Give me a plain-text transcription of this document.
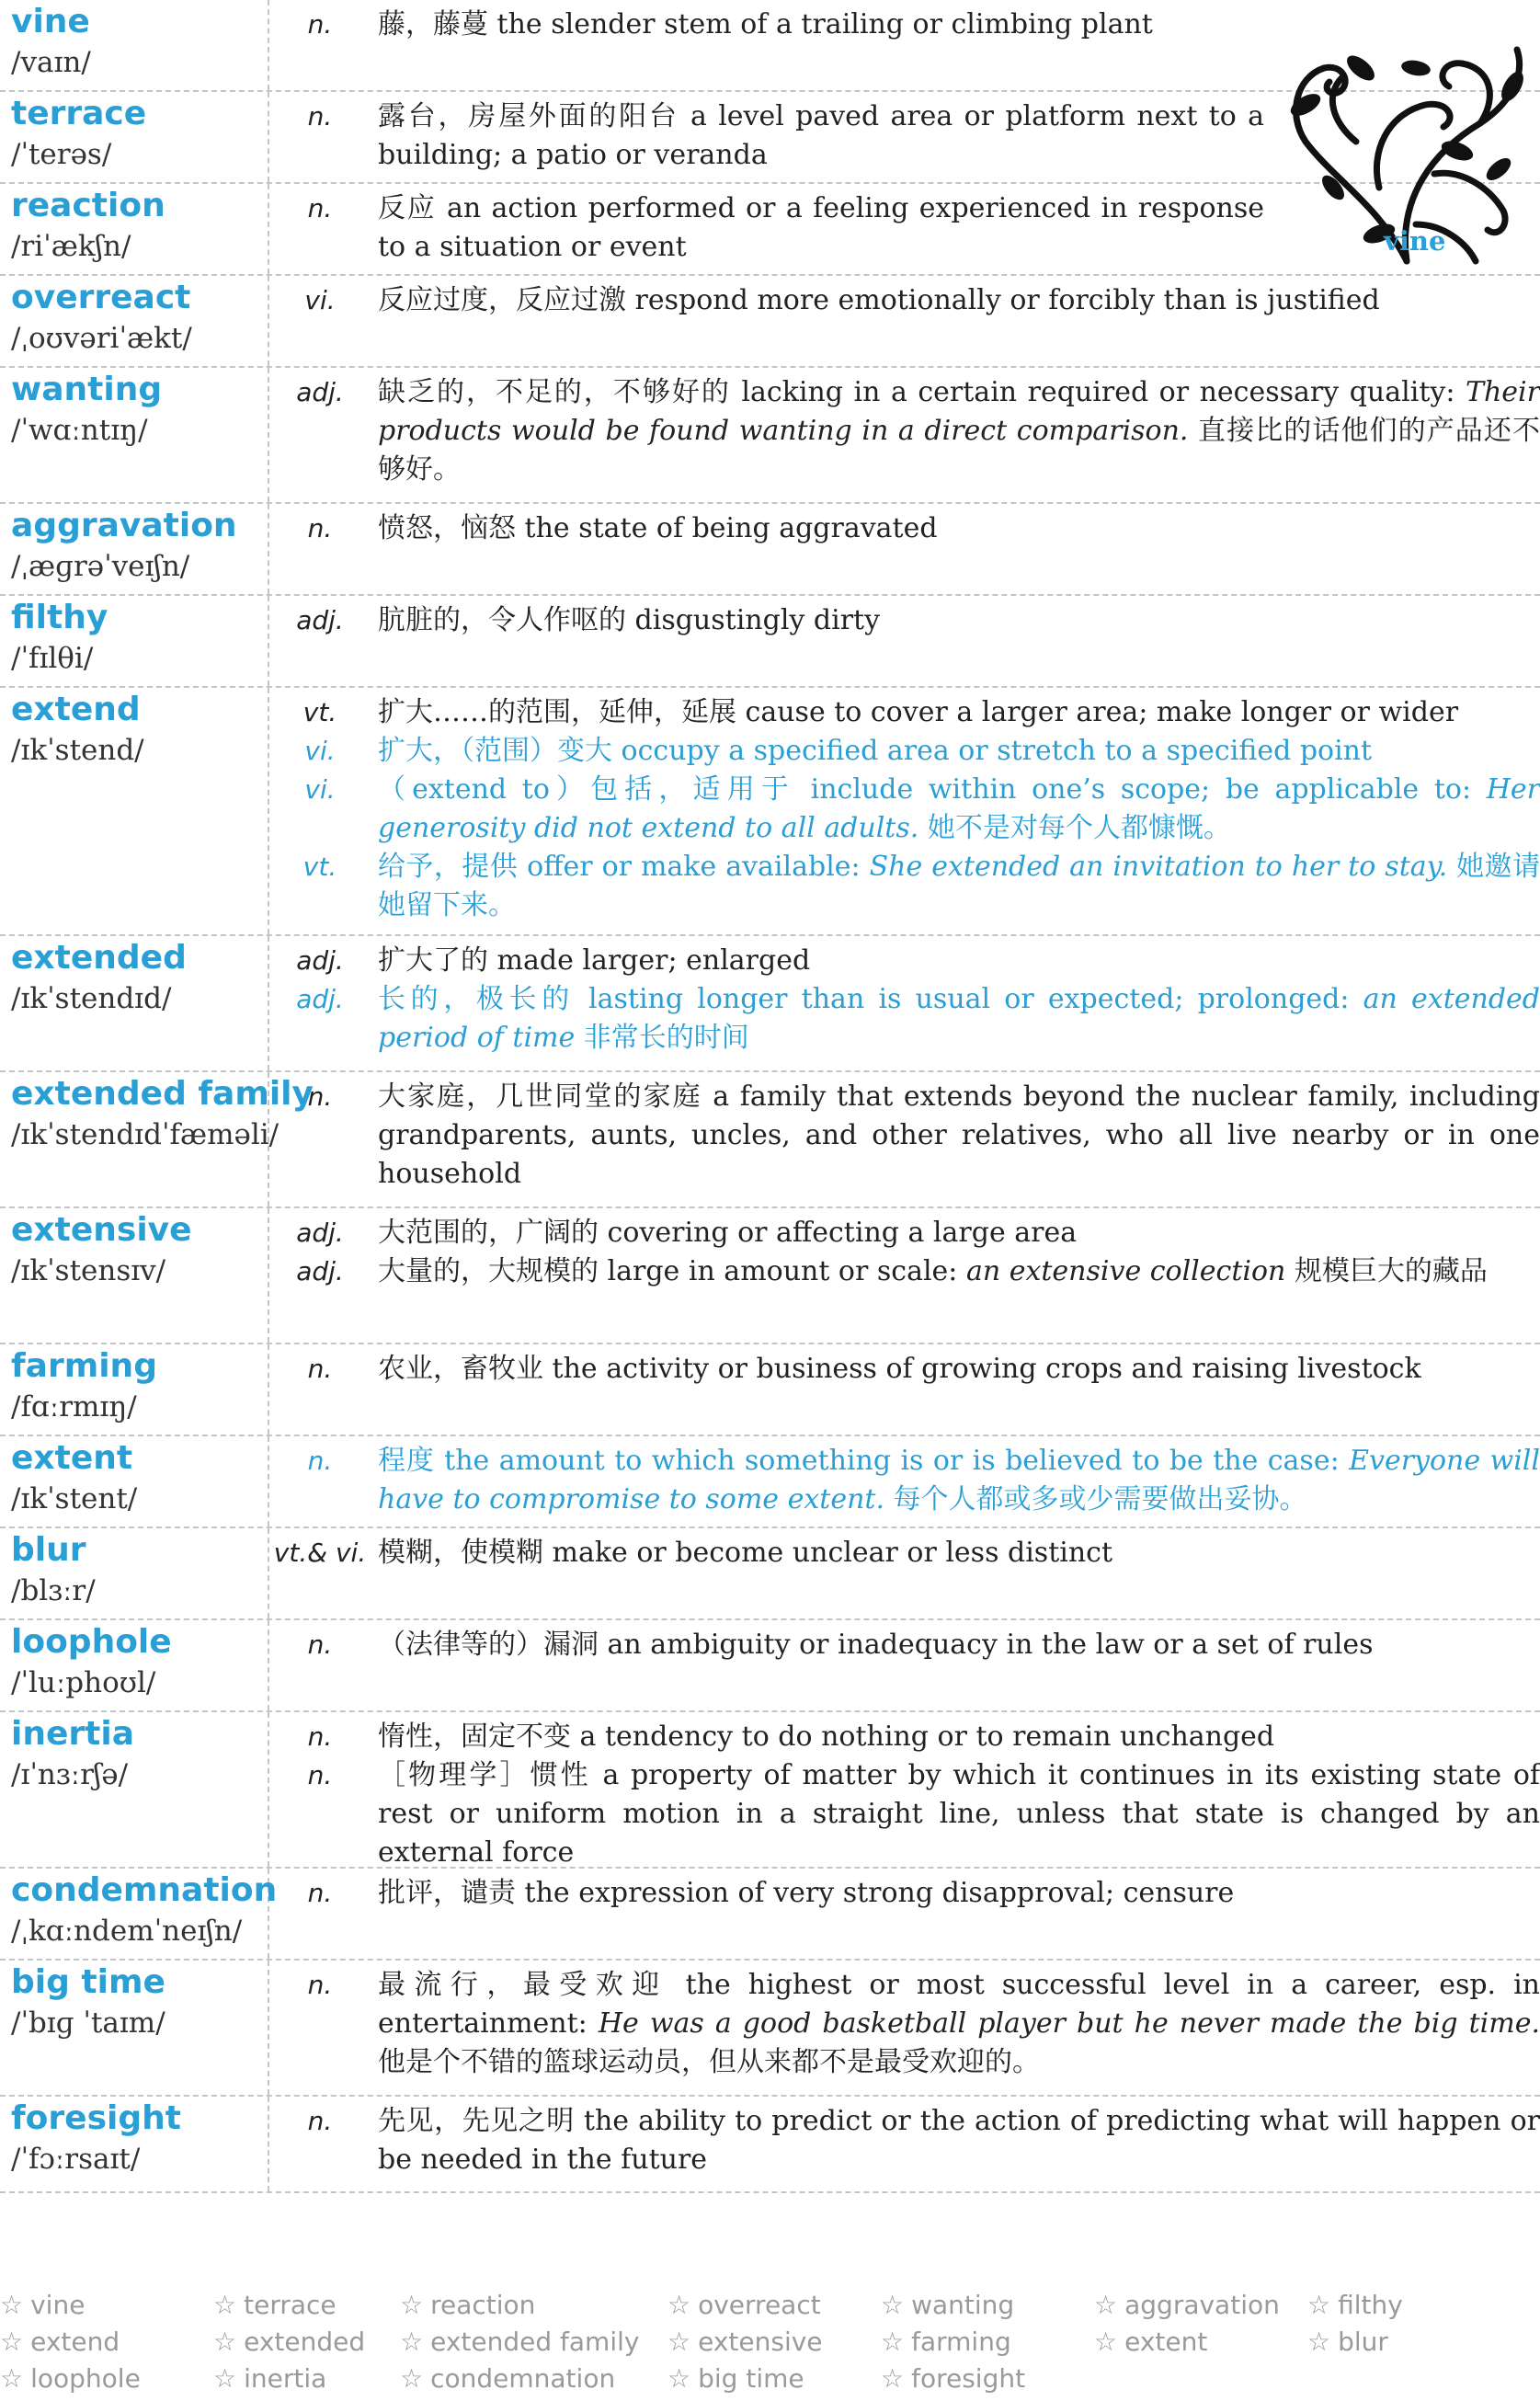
vine
/vaɪn/
n.	藤，藤蔓 the slender stem of a trailing or climbing plant
terrace
/ˈterəs/
n.	露台，房屋外面的阳台 a level paved area or platform next to a building; a patio or veranda
reaction
/riˈækʃn/
n.	反应 an action performed or a feeling experienced in response to a situation or event
overreact
/ˌoʊvəriˈækt/
vi.	反应过度，反应过激 respond more emotionally or forcibly than is justified
wanting
/ˈwɑːntɪŋ/
adj.	缺乏的，不足的，不够好的 lacking in a certain required or necessary quality: Their products would be found wanting in a direct comparison. 直接比的话他们的产品还不够好。
aggravation
/ˌæɡrəˈveɪʃn/
n.	愤怒，恼怒 the state of being aggravated
filthy
/ˈfɪlθi/
adj.	肮脏的，令人作呕的 disgustingly dirty
extend
/ɪkˈstend/
vt.	扩大……的范围，延伸，延展 cause to cover a larger area; make longer or wider
vi.	扩大，（范围）变大 occupy a specified area or stretch to a specified point
vi.	（extend to）包括，适用于 include within one’s scope; be applicable to: Her generosity did not extend to all adults. 她不是对每个人都慷慨。
vt.	给予，提供 offer or make available: She extended an invitation to her to stay. 她邀请她留下来。
extended
/ɪkˈstendɪd/
adj.	扩大了的 made larger; enlarged
adj.	长的，极长的 lasting longer than is usual or expected; prolonged: an extended period of time 非常长的时间
extended family
/ɪkˈstendɪdˈfæməli/
n.	大家庭，几世同堂的家庭 a family that extends beyond the nuclear family, including grandparents, aunts, uncles, and other relatives, who all live nearby or in one household
extensive
/ɪkˈstensɪv/
adj.	大范围的，广阔的 covering or affecting a large area
adj.	大量的，大规模的 large in amount or scale: an extensive collection 规模巨大的藏品
farming
/fɑːrmɪŋ/
n.	农业，畜牧业 the activity or business of growing crops and raising livestock
extent
/ɪkˈstent/
n.	程度 the amount to which something is or is believed to be the case: Everyone will have to compromise to some extent. 每个人都或多或少需要做出妥协。
blur
/blɜːr/
vt.& vi. 模糊，使模糊 make or become unclear or less distinct
loophole
/ˈluːphoʊl/
n.	（法律等的）漏洞 an ambiguity or inadequacy in the law or a set of rules
inertia
/ɪˈnɜːrʃə/
n.	惰性，固定不变 a tendency to do nothing or to remain unchanged
n.	［物理学］惯性 a property of matter by which it continues in its existing state of rest or uniform motion in a straight line, unless that state is changed by an external force
condemnation
/ˌkɑːndemˈneɪʃn/
n.	批评，谴责 the expression of very strong disapproval; censure
big time
/ˈbɪɡ ˈtaɪm/
n.	最流行，最受欢迎 the highest or most successful level in a career, esp. in entertainment: He was a good basketball player but he never made the big time. 他是个不错的篮球运动员，但从来都不是最受欢迎的。
foresight
/ˈfɔːrsaɪt/
n.	先见，先见之明 the ability to predict or the action of predicting what will happen or be needed in the future
vine
☆ vine	☆ terrace ☆ reaction	☆ overreact ☆ wanting	☆ aggravation ☆ filthy
☆ extend	☆ extended ☆ extended family ☆ extensive ☆ farming	☆ extent	☆ blur
☆ loophole	☆ inertia	☆ condemnation ☆ big time	☆ foresight
